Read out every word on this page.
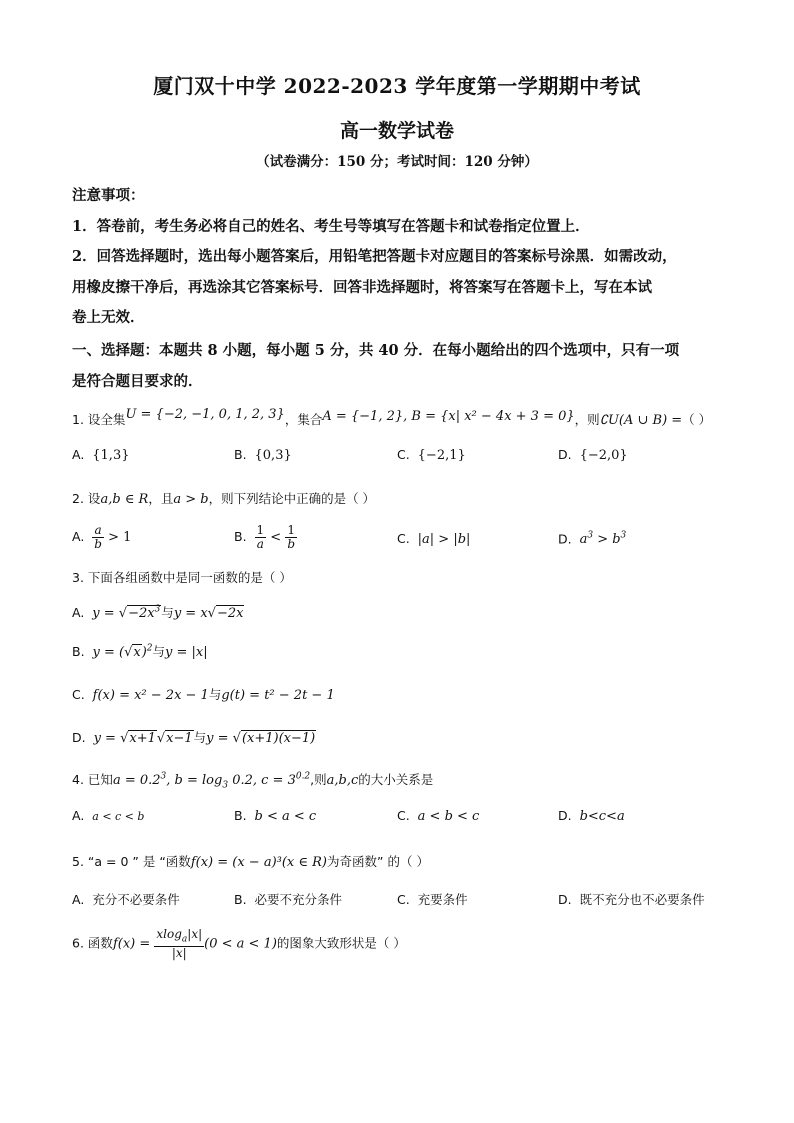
厦门双十中学 2022-2023 学年度第一学期期中考试
高一数学试卷
（试卷满分：150 分；考试时间：120 分钟）
注意事项：
1．答卷前，考生务必将自己的姓名、考生号等填写在答题卡和试卷指定位置上．
2．回答选择题时，选出每小题答案后，用铅笔把答题卡对应题目的答案标号涂黑．如需改动，
用橡皮擦干净后，再选涂其它答案标号．回答非选择题时，将答案写在答题卡上，写在本试
卷上无效．
一、选择题：本题共 8 小题，每小题 5 分，共 40 分．在每小题给出的四个选项中，只有一项
是符合题目要求的．
1. 设全集U = {−2, −1, 0, 1, 2, 3}，集合A = {−1, 2}, B = {x| x² − 4x + 3 = 0}，则∁U(A ∪ B) =（ ）
A. {1,3}	B. {0,3}	C. {−2,1}	D. {−2,0}
2. 设a,b ∈ R，且a > b，则下列结论中正确的是（ ）
A. $\frac{a}{b} > 1$	B. $\frac{1}{a} < \frac{1}{b}$	C. |a| > |b|	D. $a^3 > b^3$
3. 下面各组函数中是同一函数的是（ ）
A. $y = √-2x^3$与y = x√−2x
B. $y = (√x)^2$与y = |x|
C. f(x) = x² − 2x − 1与g(t) = t² − 2t − 1
D. y = √x+1√x−1与y = √(x+1)(x−1)
4. 已知$a = 0.2^3$, $b = \log_3 0.2$, $c = 3^{0.2}$,则a,b,c的大小关系是
A. a < c < b	B. b < a < c	C. a < b < c	D. b<c<a
5. “a = 0 ” 是 “函数f(x) = (x − a)³(x ∈ R)为奇函数” 的（ ）
A. 充分不必要条件	B. 必要不充分条件	C. 充要条件	D. 既不充分也不必要条件
6. 函数$f(x) = \frac{xlog_a|x|}{|x|} (0 < a < 1)$的图象大致形状是（ ）
